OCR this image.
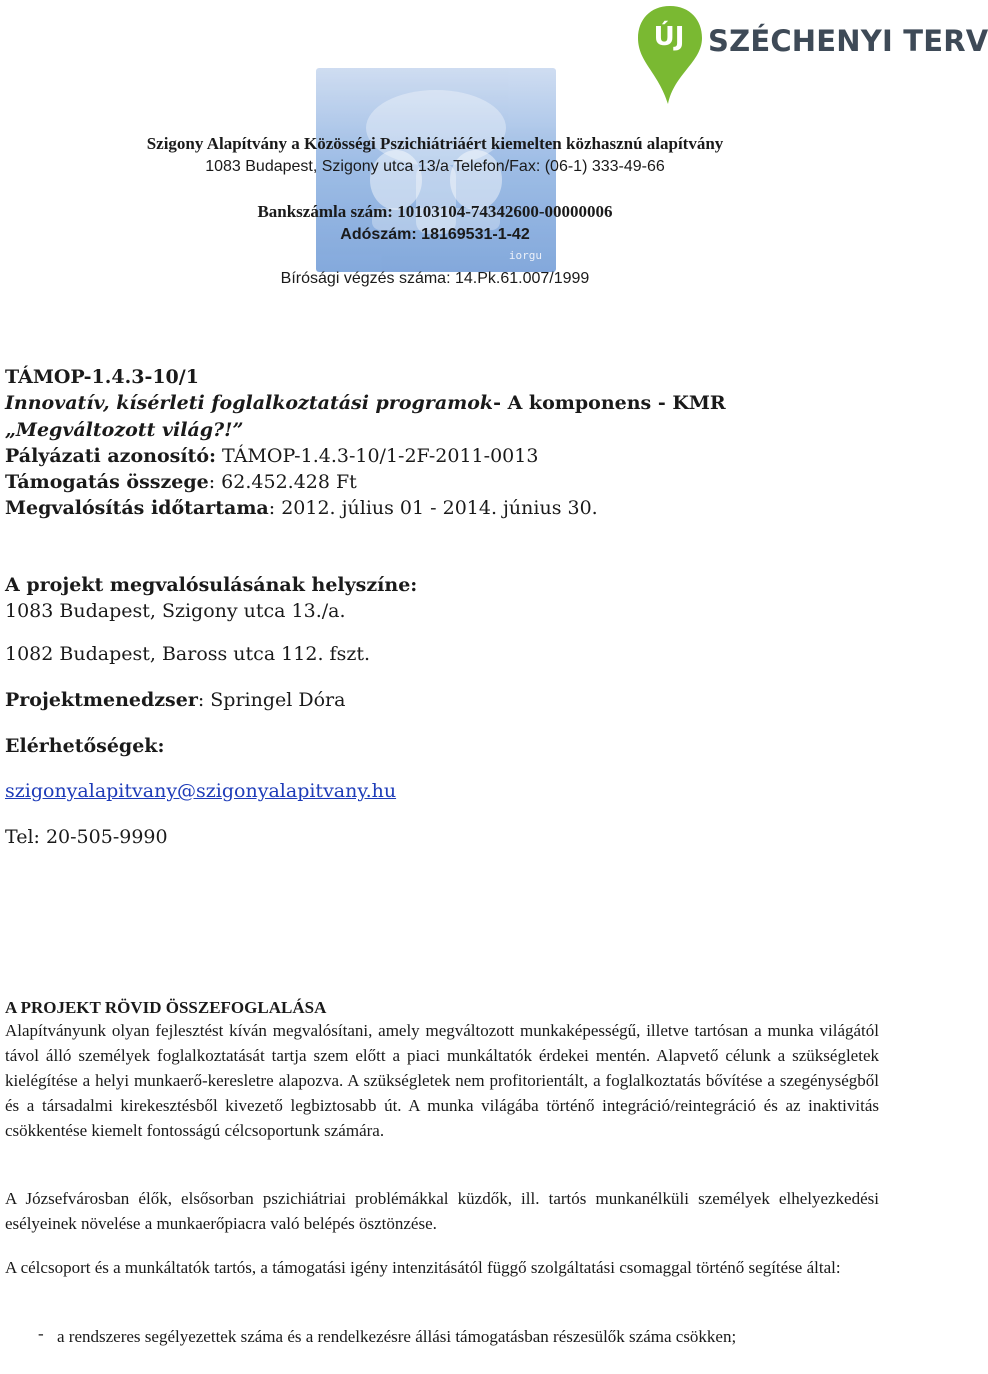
iorgu
ÚJ SZÉCHENYI TERV
Szigony Alapítvány a Közösségi Pszichiátriáért kiemelten közhasznú alapítvány
1083 Budapest, Szigony utca 13/a Telefon/Fax: (06-1) 333-49-66
Bankszámla szám: 10103104-74342600-00000006
Adószám: 18169531-1-42
Bírósági végzés száma: 14.Pk.61.007/1999
TÁMOP-1.4.3-10/1
Innovatív, kísérleti foglalkoztatási programok- A komponens - KMR
„Megváltozott világ?!”
Pályázati azonosító: TÁMOP-1.4.3-10/1-2F-2011-0013
Támogatás összege: 62.452.428 Ft
Megvalósítás időtartama: 2012. július 01 - 2014. június 30.
A projekt megvalósulásának helyszíne:
1083 Budapest, Szigony utca 13./a.
1082 Budapest, Baross utca 112. fszt.
Projektmenedzser: Springel Dóra
Elérhetőségek:
szigonyalapitvany@szigonyalapitvany.hu
Tel: 20-505-9990
A PROJEKT RÖVID ÖSSZEFOGLALÁSA

Alapítványunk olyan fejlesztést kíván megvalósítani, amely megváltozott munkaképességű, illetve tartósan a munka világától távol álló személyek foglalkoztatását tartja szem előtt a piaci munkáltatók érdekei mentén. Alapvető célunk a szükségletek kielégítése a helyi munkaerő-keresletre alapozva. A szükségletek nem profitorientált, a foglalkoztatás bővítése a szegénységből és a társadalmi kirekesztésből kivezető legbiztosabb út. A munka világába történő integráció/reintegráció és az inaktivitás csökkentése kiemelt fontosságú célcsoportunk számára.

A Józsefvárosban élők, elsősorban pszichiátriai problémákkal küzdők, ill. tartós munkanélküli személyek elhelyezkedési esélyeinek növelése a munkaerőpiacra való belépés ösztönzése.

A célcsoport és a munkáltatók tartós, a támogatási igény intenzitásától függő szolgáltatási csomaggal történő segítése által:

- a rendszeres segélyezettek száma és a rendelkezésre állási támogatásban részesülők száma csökken;
